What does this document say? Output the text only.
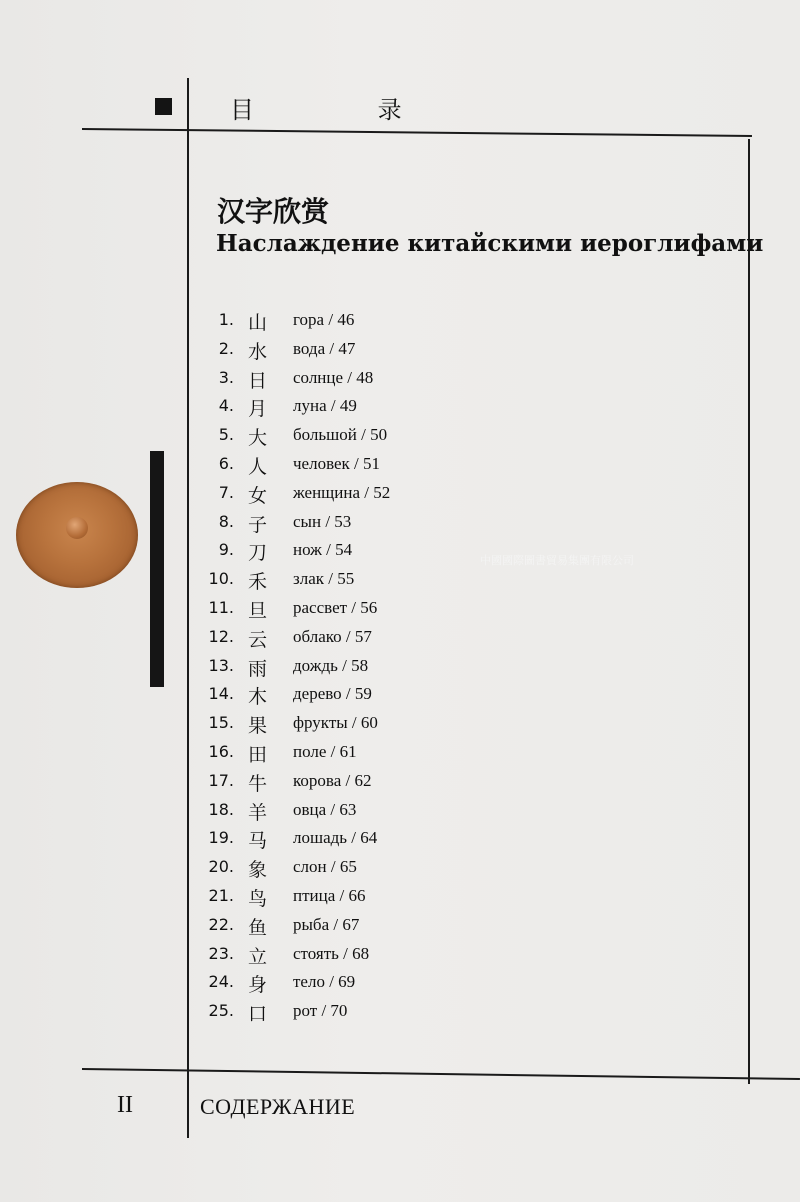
目 录
汉字欣赏
Наслаждение китайскими иероглифами
1. 山 гора / 46
2. 水 вода / 47
3. 日 солнце / 48
4. 月 луна / 49
5. 大 большой / 50
6. 人 человек / 51
7. 女 женщина / 52
8. 子 сын / 53
9. 刀 нож / 54
10. 禾 злак / 55
11. 旦 рассвет / 56
12. 云 облако / 57
13. 雨 дождь / 58
14. 木 дерево / 59
15. 果 фрукты / 60
16. 田 поле / 61
17. 牛 корова / 62
18. 羊 овца / 63
19. 马 лошадь / 64
20. 象 слон / 65
21. 鸟 птица / 66
22. 鱼 рыба / 67
23. 立 стоять / 68
24. 身 тело / 69
25. 口 рот / 70
中國國際圖書貿易集團有限公司
II	СОДЕРЖАНИЕ
